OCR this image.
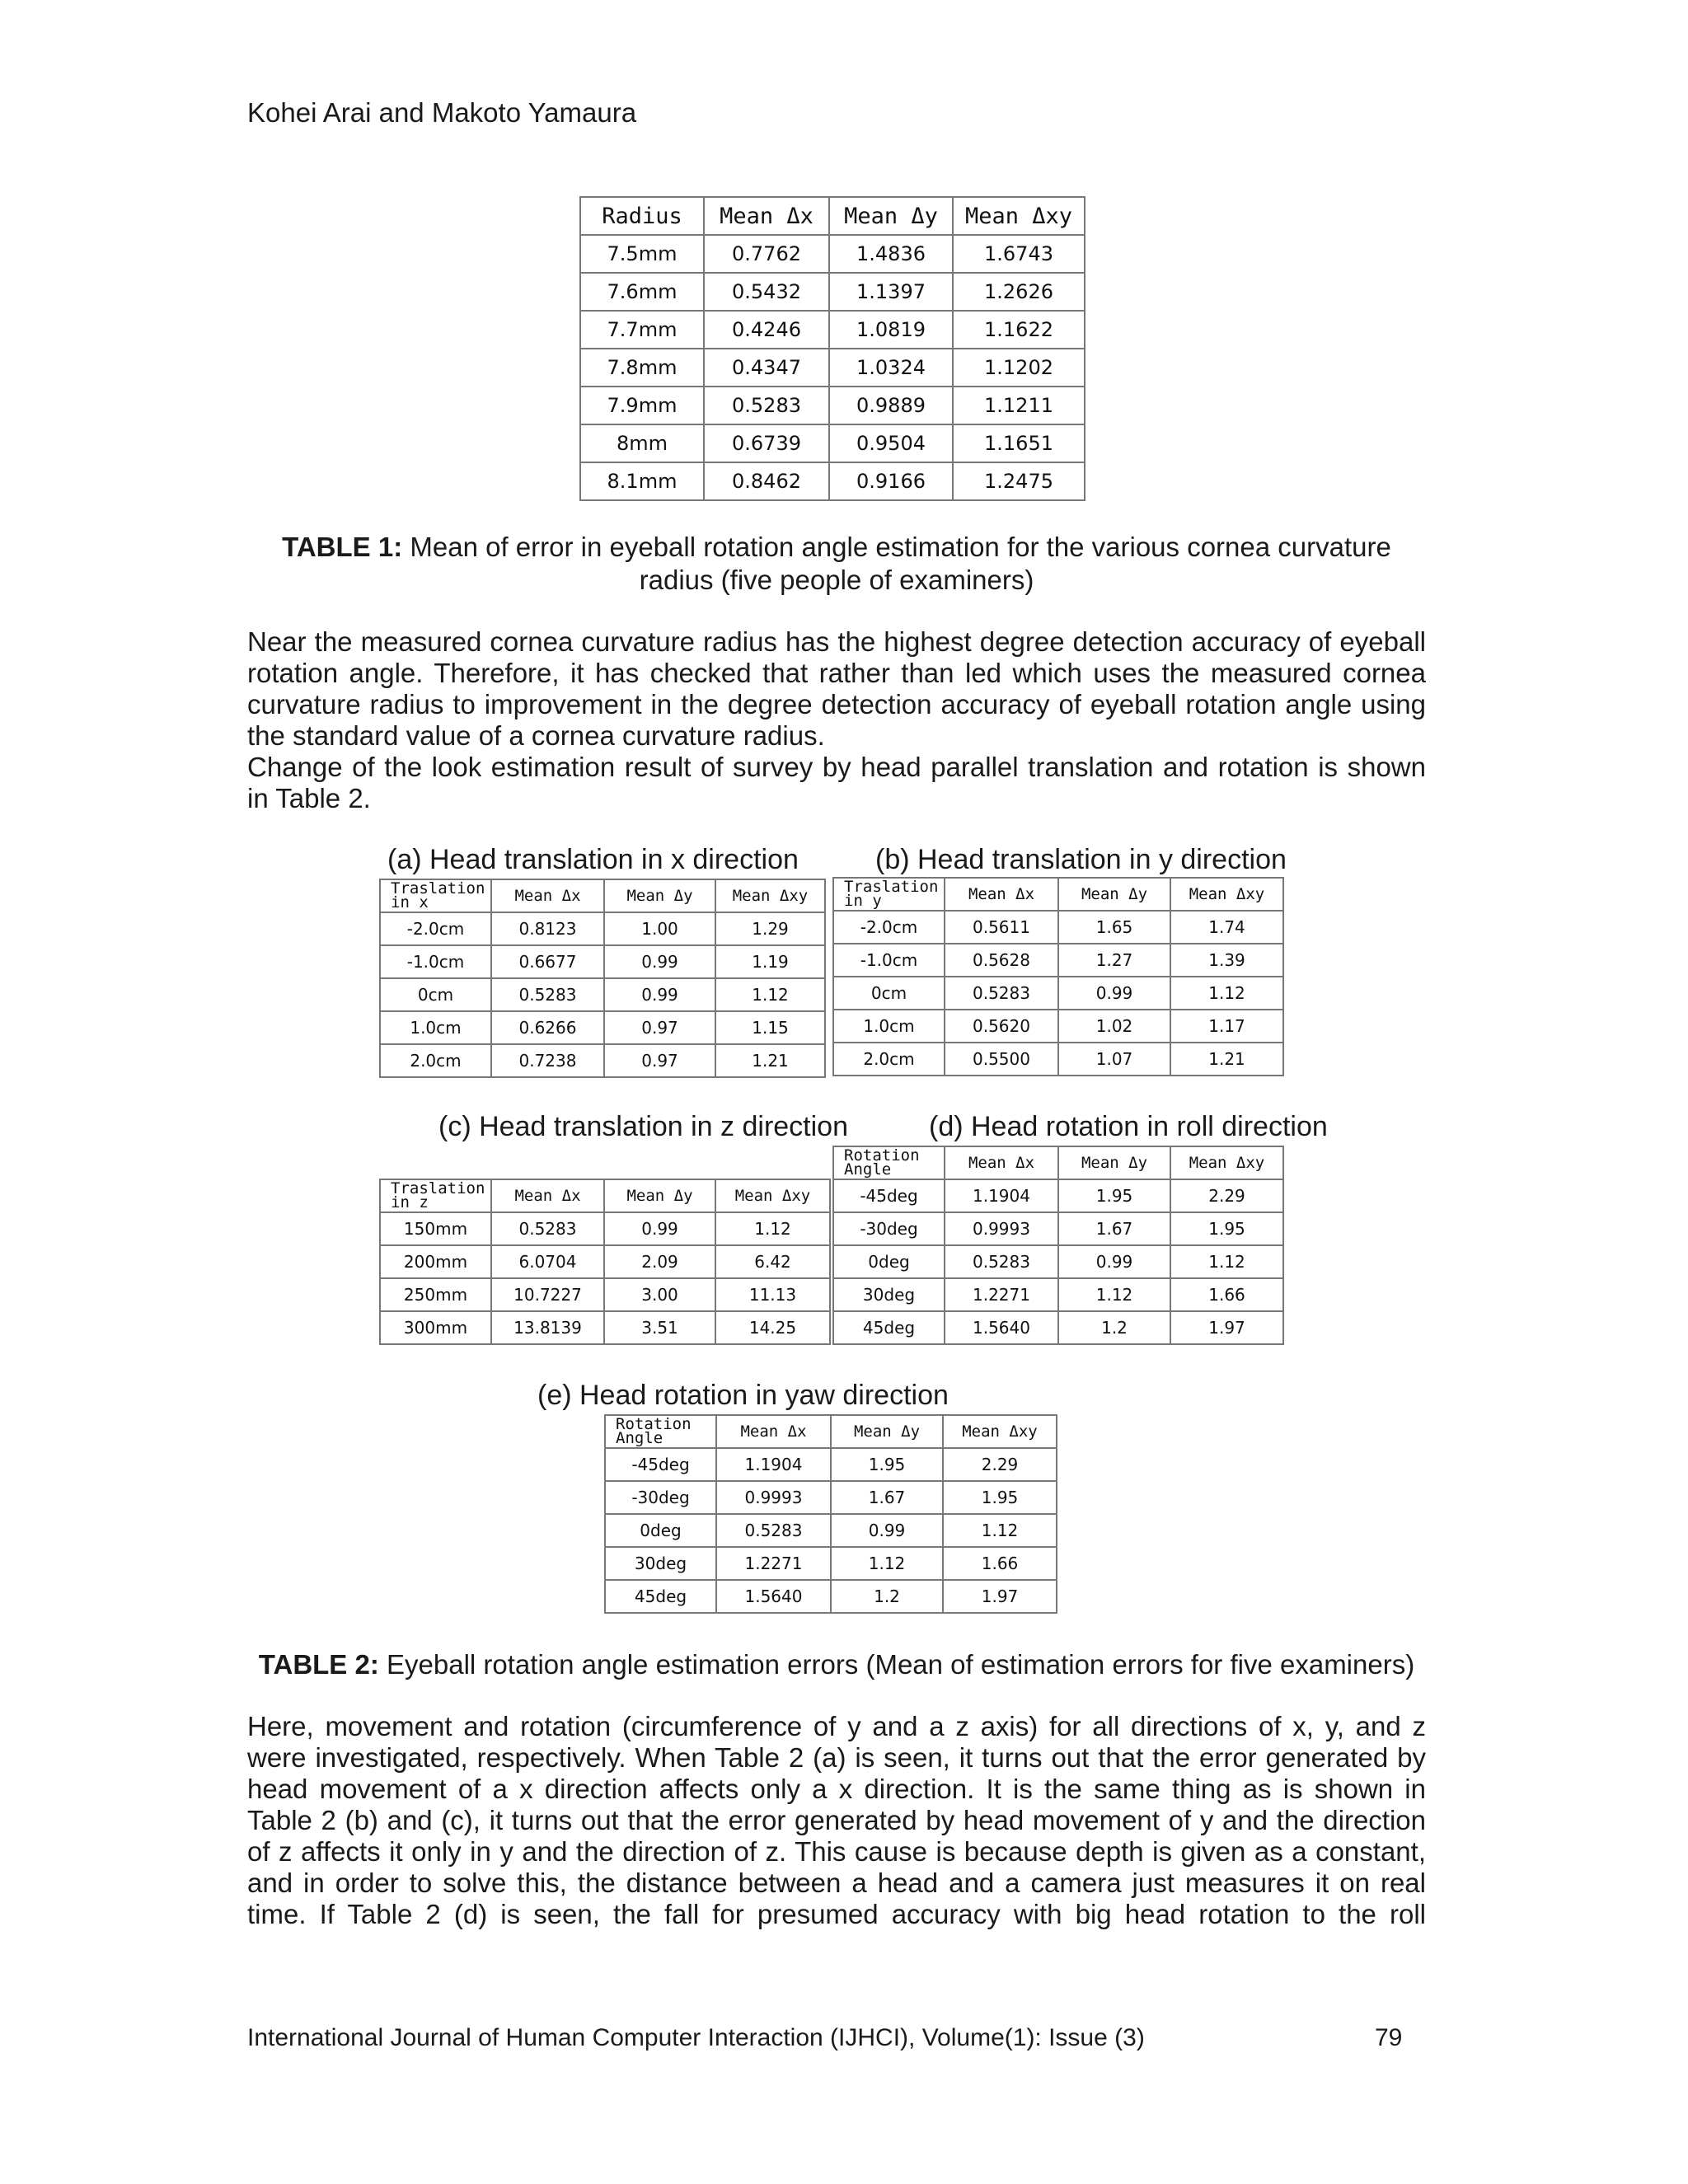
Kohei Arai and Makoto Yamaura
Radius	Mean Δx	Mean Δy	Mean Δxy
7.5mm	0.7762	1.4836	1.6743
7.6mm	0.5432	1.1397	1.2626
7.7mm	0.4246	1.0819	1.1622
7.8mm	0.4347	1.0324	1.1202
7.9mm	0.5283	0.9889	1.1211
8mm	0.6739	0.9504	1.1651
8.1mm	0.8462	0.9166	1.2475
TABLE 1: Mean of error in eyeball rotation angle estimation for the various cornea curvature radius (five people of examiners)

Near the measured cornea curvature radius has the highest degree detection accuracy of eyeball

rotation angle. Therefore, it has checked that rather than led which uses the measured cornea

curvature radius to improvement in the degree detection accuracy of eyeball rotation angle using

the standard value of a cornea curvature radius.

Change of the look estimation result of survey by head parallel translation and rotation is shown

in Table 2.

(a) Head translation in x direction	(b) Head translation in y direction
(c) Head translation in z direction	(d) Head rotation in roll direction
(e) Head rotation in yaw direction
Traslation in x	Mean Δx	Mean Δy	Mean Δxy
-2.0cm	0.8123	1.00	1.29
-1.0cm	0.6677	0.99	1.19
0cm	0.5283	0.99	1.12
1.0cm	0.6266	0.97	1.15
2.0cm	0.7238	0.97	1.21
Traslation in y	Mean Δx	Mean Δy	Mean Δxy
-2.0cm	0.5611	1.65	1.74
-1.0cm	0.5628	1.27	1.39
0cm	0.5283	0.99	1.12
1.0cm	0.5620	1.02	1.17
2.0cm	0.5500	1.07	1.21
Traslation in z	Mean Δx	Mean Δy	Mean Δxy
150mm	0.5283	0.99	1.12
200mm	6.0704	2.09	6.42
250mm	10.7227	3.00	11.13
300mm	13.8139	3.51	14.25
Rotation Angle	Mean Δx	Mean Δy	Mean Δxy
-45deg	1.1904	1.95	2.29
-30deg	0.9993	1.67	1.95
0deg	0.5283	0.99	1.12
30deg	1.2271	1.12	1.66
45deg	1.5640	1.2	1.97
Rotation Angle	Mean Δx	Mean Δy	Mean Δxy
-45deg	1.1904	1.95	2.29
-30deg	0.9993	1.67	1.95
0deg	0.5283	0.99	1.12
30deg	1.2271	1.12	1.66
45deg	1.5640	1.2	1.97
TABLE 2: Eyeball rotation angle estimation errors (Mean of estimation errors for five examiners)

Here, movement and rotation (circumference of y and a z axis) for all directions of x, y, and z

were investigated, respectively. When Table 2 (a) is seen, it turns out that the error generated by

head movement of a x direction affects only a x direction. It is the same thing as is shown in

Table 2 (b) and (c), it turns out that the error generated by head movement of y and the direction

of z affects it only in y and the direction of z. This cause is because depth is given as a constant,

and in order to solve this, the distance between a head and a camera just measures it on real

time. If Table 2 (d) is seen, the fall for presumed accuracy with big head rotation to the roll

International Journal of Human Computer Interaction (IJHCI), Volume(1): Issue (3)	79
